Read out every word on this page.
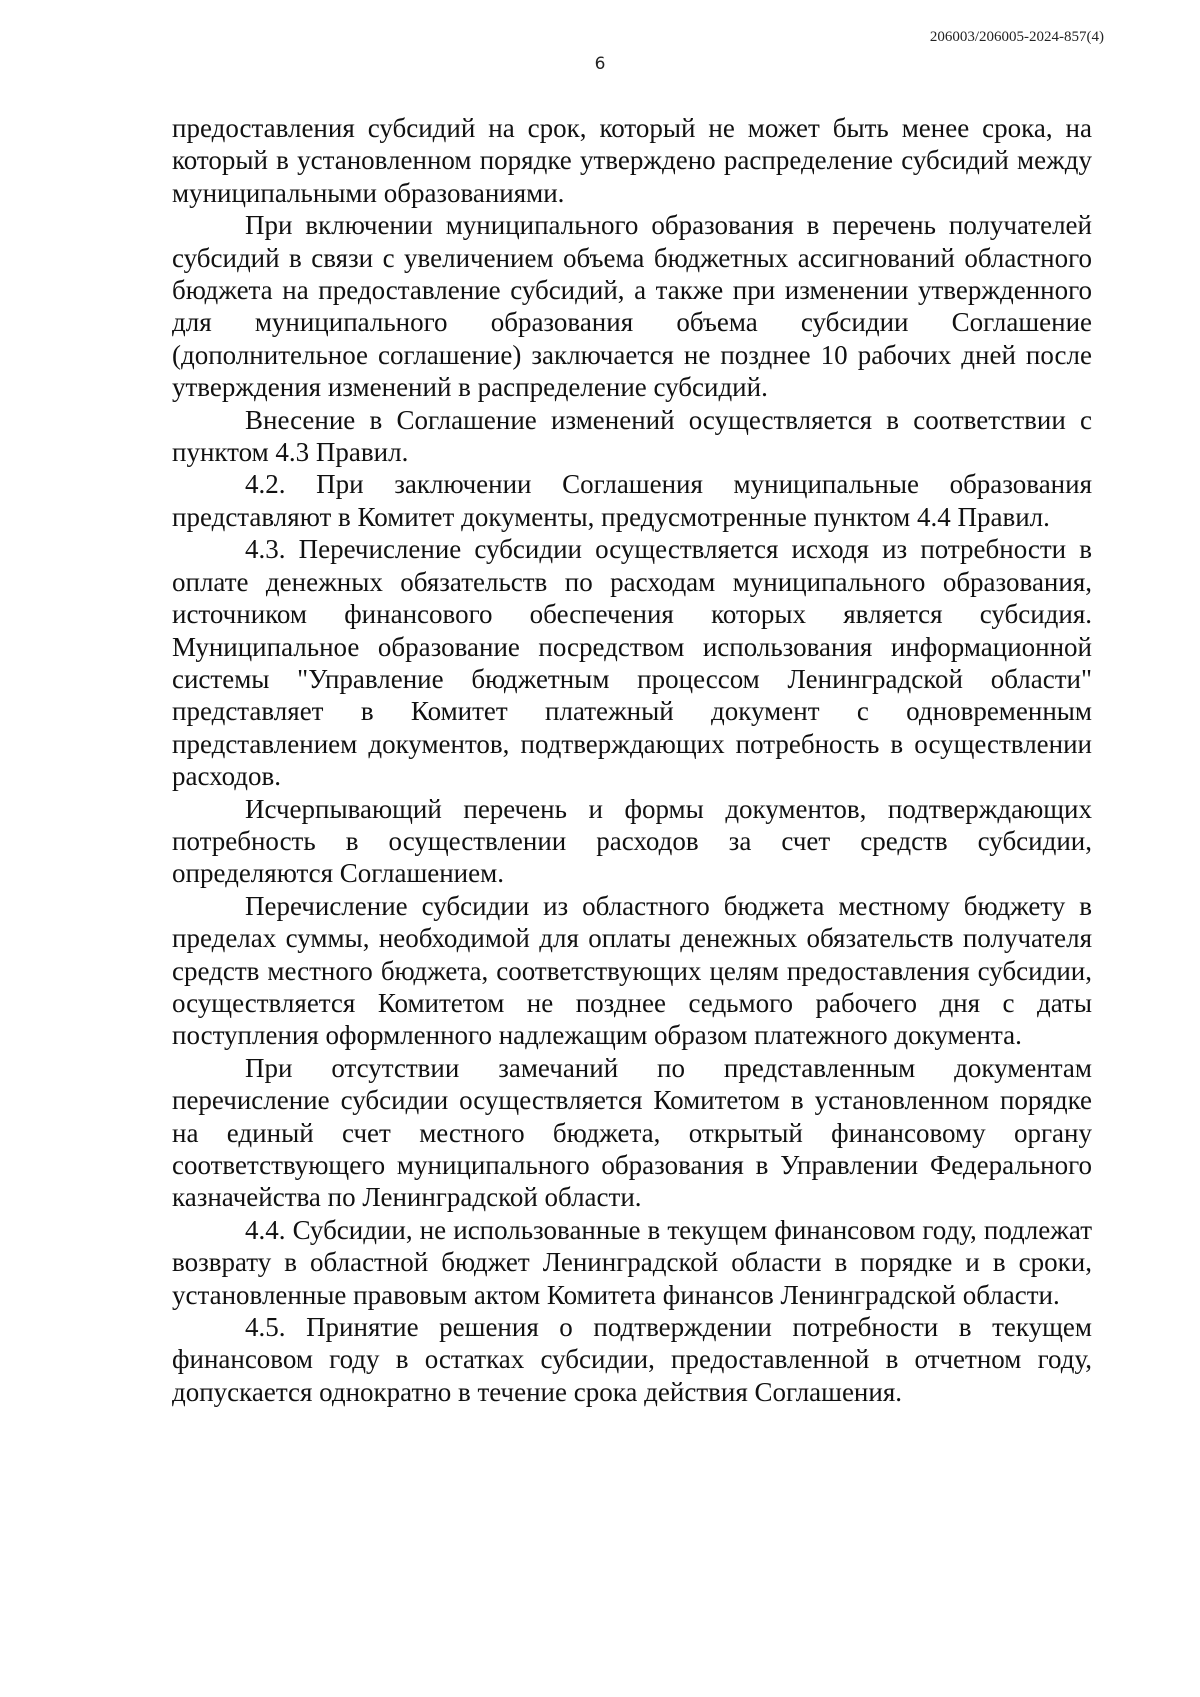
206003/206005-2024-857(4)
6

предоставления субсидий на срок, который не может быть менее срока, на который в установленном порядке утверждено распределение субсидий между муниципальными образованиями.

При включении муниципального образования в перечень получателей субсидий в связи с увеличением объема бюджетных ассигнований областного бюджета на предоставление субсидий, а также при изменении утвержденного для муниципального образования объема субсидии Соглашение (дополнительное соглашение) заключается не позднее 10 рабочих дней после утверждения изменений в распределение субсидий.

Внесение в Соглашение изменений осуществляется в соответствии с пунктом 4.3 Правил.

4.2. При заключении Соглашения муниципальные образования представляют в Комитет документы, предусмотренные пунктом 4.4 Правил.

4.3. Перечисление субсидии осуществляется исходя из потребности в оплате денежных обязательств по расходам муниципального образования, источником финансового обеспечения которых является субсидия. Муниципальное образование посредством использования информационной системы "Управление бюджетным процессом Ленинградской области" представляет в Комитет платежный документ с одновременным представлением документов, подтверждающих потребность в осуществлении расходов.

Исчерпывающий перечень и формы документов, подтверждающих потребность в осуществлении расходов за счет средств субсидии, определяются Соглашением.

Перечисление субсидии из областного бюджета местному бюджету в пределах суммы, необходимой для оплаты денежных обязательств получателя средств местного бюджета, соответствующих целям предоставления субсидии, осуществляется Комитетом не позднее седьмого рабочего дня с даты поступления оформленного надлежащим образом платежного документа.

При отсутствии замечаний по представленным документам перечисление субсидии осуществляется Комитетом в установленном порядке на единый счет местного бюджета, открытый финансовому органу соответствующего муниципального образования в Управлении Федерального казначейства по Ленинградской области.

4.4. Субсидии, не использованные в текущем финансовом году, подлежат возврату в областной бюджет Ленинградской области в порядке и в сроки, установленные правовым актом Комитета финансов Ленинградской области.

4.5. Принятие решения о подтверждении потребности в текущем финансовом году в остатках субсидии, предоставленной в отчетном году, допускается однократно в течение срока действия Соглашения.
